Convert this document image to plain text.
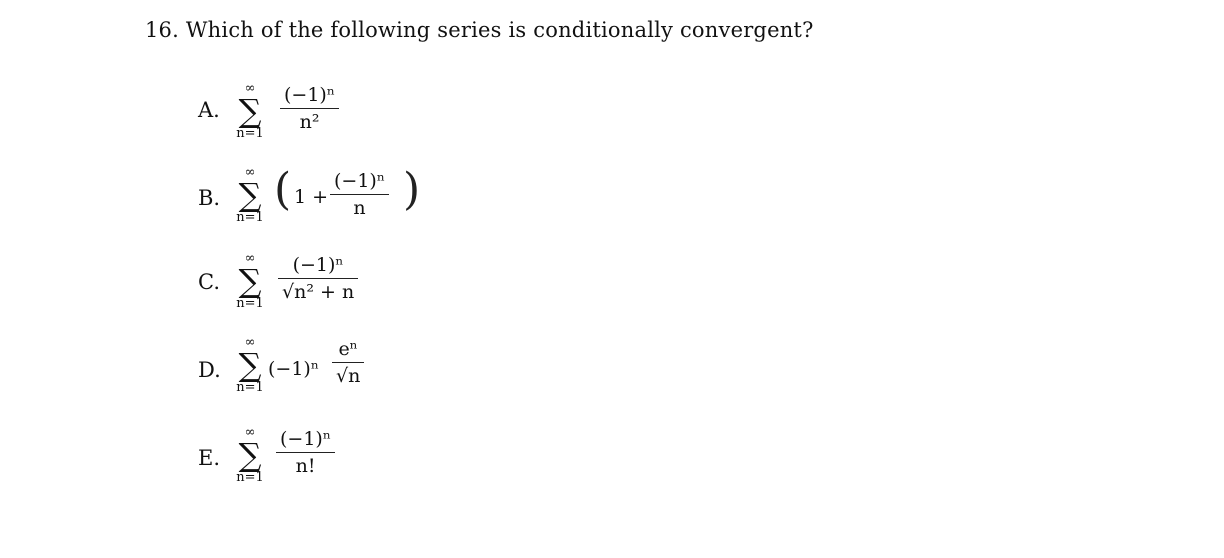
16. Which of the following series is conditionally convergent?
A.
∞
∑
n=1
$\frac{\text{(−1)ⁿ}}{\text{n²}}$
B.
∞
∑
n=1
( $1 + \frac{\text{(−1)ⁿ}}{n}$ )
C.
∞
∑
n=1
$\frac{\text{(−1)ⁿ}}{\text{√n² + n}}$
D.
∞
∑
n=1
$(-1)^n \frac{\text{eⁿ}}{√n}$
E.
∞
∑
n=1
$\frac{\text{(−1)ⁿ}}{n!}$
